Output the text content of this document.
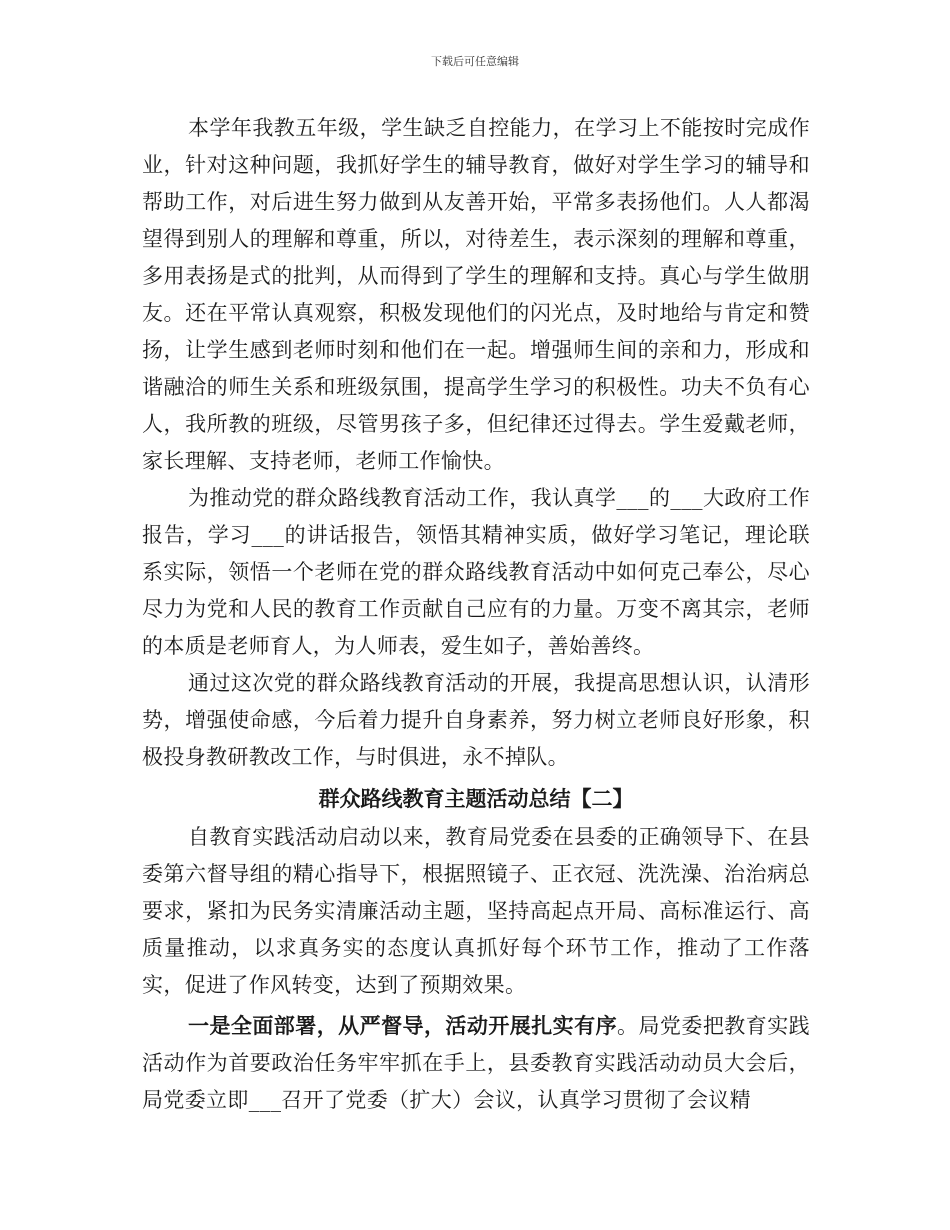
下载后可任意编辑

本学年我教五年级，学生缺乏自控能力，在学习上不能按时完成作业，针对这种问题，我抓好学生的辅导教育，做好对学生学习的辅导和帮助工作，对后进生努力做到从友善开始，平常多表扬他们。人人都渴望得到别人的理解和尊重，所以，对待差生，表示深刻的理解和尊重，多用表扬是式的批判，从而得到了学生的理解和支持。真心与学生做朋友。还在平常认真观察，积极发现他们的闪光点，及时地给与肯定和赞扬，让学生感到老师时刻和他们在一起。增强师生间的亲和力，形成和谐融洽的师生关系和班级氛围，提高学生学习的积极性。功夫不负有心人，我所教的班级，尽管男孩子多，但纪律还过得去。学生爱戴老师，家长理解、支持老师，老师工作愉快。

为推动党的群众路线教育活动工作，我认真学___的___大政府工作报告，学习___的讲话报告，领悟其精神实质，做好学习笔记，理论联系实际，领悟一个老师在党的群众路线教育活动中如何克己奉公，尽心尽力为党和人民的教育工作贡献自己应有的力量。万变不离其宗，老师的本质是老师育人，为人师表，爱生如子，善始善终。

通过这次党的群众路线教育活动的开展，我提高思想认识，认清形势，增强使命感，今后着力提升自身素养，努力树立老师良好形象，积极投身教研教改工作，与时俱进，永不掉队。

群众路线教育主题活动总结【二】

自教育实践活动启动以来，教育局党委在县委的正确领导下、在县委第六督导组的精心指导下，根据照镜子、正衣冠、洗洗澡、治治病总要求，紧扣为民务实清廉活动主题，坚持高起点开局、高标准运行、高质量推动，以求真务实的态度认真抓好每个环节工作，推动了工作落实，促进了作风转变，达到了预期效果。

一是全面部署，从严督导，活动开展扎实有序。局党委把教育实践活动作为首要政治任务牢牢抓在手上，县委教育实践活动动员大会后，局党委立即___召开了党委（扩大）会议，认真学习贯彻了会议精
